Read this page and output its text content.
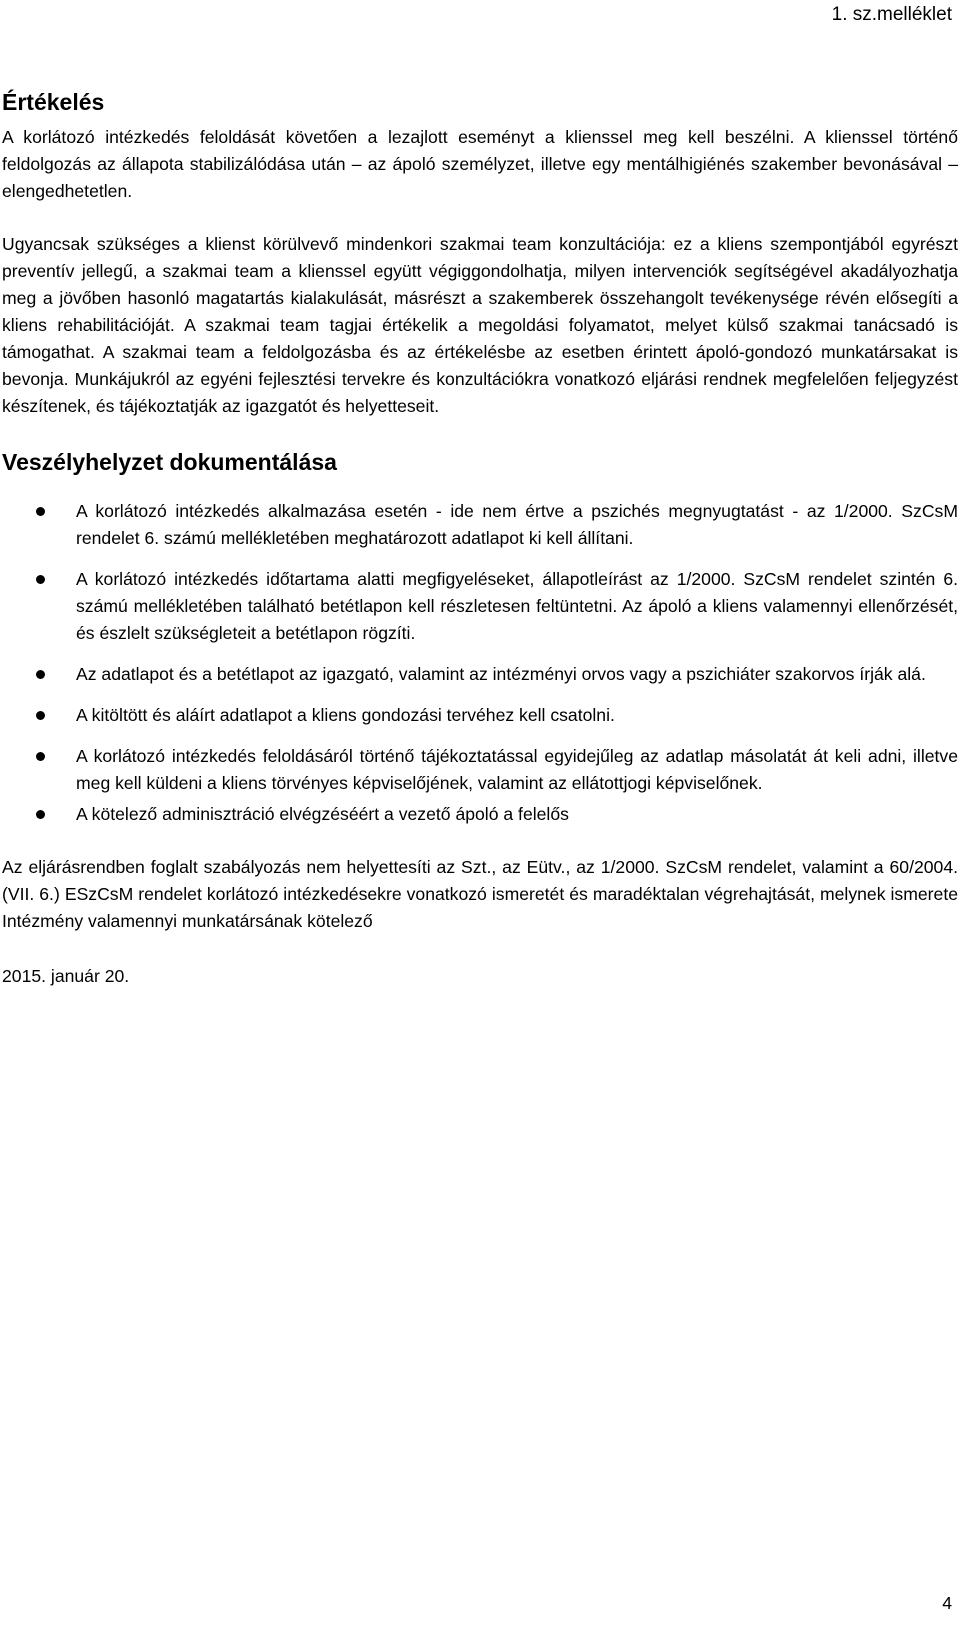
1. sz.melléklet
Értékelés

A korlátozó intézkedés feloldását követően a lezajlott eseményt a klienssel meg kell beszélni. A klienssel történő feldolgozás az állapota stabilizálódása után – az ápoló személyzet, illetve egy mentálhigiénés szakember bevonásával – elengedhetetlen.

Ugyancsak szükséges a klienst körülvevő mindenkori szakmai team konzultációja: ez a kliens szempontjából egyrészt preventív jellegű, a szakmai team a klienssel együtt végiggondolhatja, milyen intervenciók segítségével akadályozhatja meg a jövőben hasonló magatartás kialakulását, másrészt a szakemberek összehangolt tevékenysége révén elősegíti a kliens rehabilitációját. A szakmai team tagjai értékelik a megoldási folyamatot, melyet külső szakmai tanácsadó is támogathat. A szakmai team a feldolgozásba és az értékelésbe az esetben érintett ápoló-gondozó munkatársakat is bevonja. Munkájukról az egyéni fejlesztési tervekre és konzultációkra vonatkozó eljárási rendnek megfelelően feljegyzést készítenek, és tájékoztatják az igazgatót és helyetteseit.

Veszélyhelyzet dokumentálása
A korlátozó intézkedés alkalmazása esetén - ide nem értve a pszichés megnyugtatást - az 1/2000. SzCsM rendelet 6. számú mellékletében meghatározott adatlapot ki kell állítani.
A korlátozó intézkedés időtartama alatti megfigyeléseket, állapotleírást az 1/2000. SzCsM rendelet szintén 6. számú mellékletében található betétlapon kell részletesen feltüntetni. Az ápoló a kliens valamennyi ellenőrzését, és észlelt szükségleteit a betétlapon rögzíti.
Az adatlapot és a betétlapot az igazgató, valamint az intézményi orvos vagy a pszichiáter szakorvos írják alá.
A kitöltött és aláírt adatlapot a kliens gondozási tervéhez kell csatolni.
A korlátozó intézkedés feloldásáról történő tájékoztatással egyidejűleg az adatlap másolatát át keli adni, illetve meg kell küldeni a kliens törvényes képviselőjének, valamint az ellátottjogi képviselőnek.
A kötelező adminisztráció elvégzéséért a vezető ápoló a felelős

Az eljárásrendben foglalt szabályozás nem helyettesíti az Szt., az Eütv., az 1/2000. SzCsM rendelet, valamint a 60/2004. (VII. 6.) ESzCsM rendelet korlátozó intézkedésekre vonatkozó ismeretét és maradéktalan végrehajtását, melynek ismerete Intézmény valamennyi munkatársának kötelező

2015. január 20.
4
